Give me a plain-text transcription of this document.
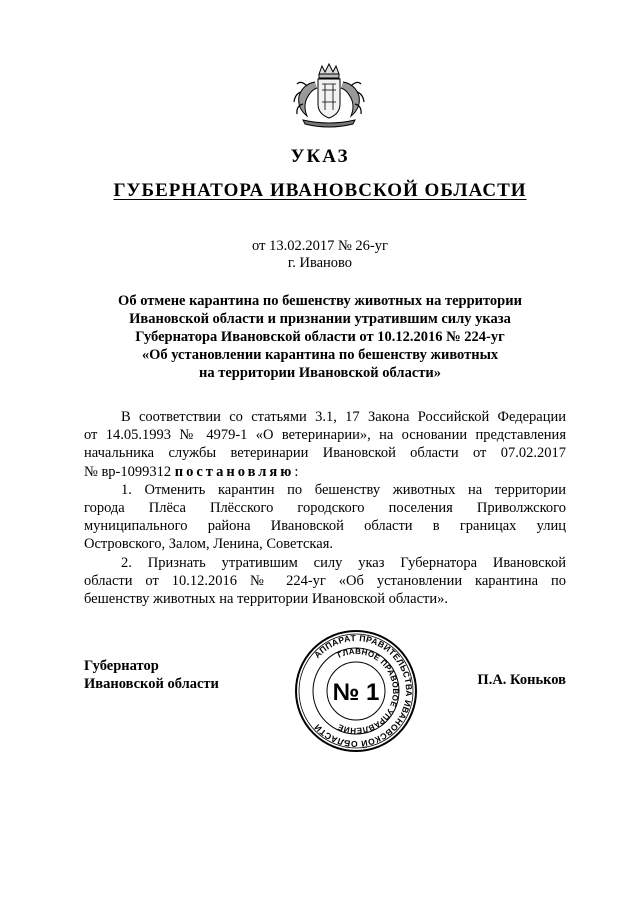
УКАЗ
ГУБЕРНАТОРА ИВАНОВСКОЙ ОБЛАСТИ
от 13.02.2017 № 26-уг
г. Иваново
Об отмене карантина по бешенству животных на территории
Ивановской области и признании утратившим силу указа
Губернатора Ивановской области от 10.12.2016 № 224-уг
«Об установлении карантина по бешенству животных
на территории Ивановской области»
В соответствии со статьями 3.1, 17 Закона Российской Федерации
от 14.05.1993 № 4979-1 «О ветеринарии», на основании представления
начальника службы ветеринарии Ивановской области от 07.02.2017
№ вр-1099312 постановляю:
1. Отменить карантин по бешенству животных на территории
города Плёса Плёсского городского поселения Приволжского
муниципального района Ивановской области в границах улиц
Островского, Залом, Ленина, Советская.
2. Признать утратившим силу указ Губернатора Ивановской
области от 10.12.2016 № 224-уг «Об установлении карантина по
бешенству животных на территории Ивановской области».
Губернатор
Ивановской области
АППАРАТ ПРАВИТЕЛЬСТВА ИВАНОВСКОЙ ОБЛАСТИ
ГЛАВНОЕ ПРАВОВОЕ УПРАВЛЕНИЕ
№ 1	П.А. Коньков
